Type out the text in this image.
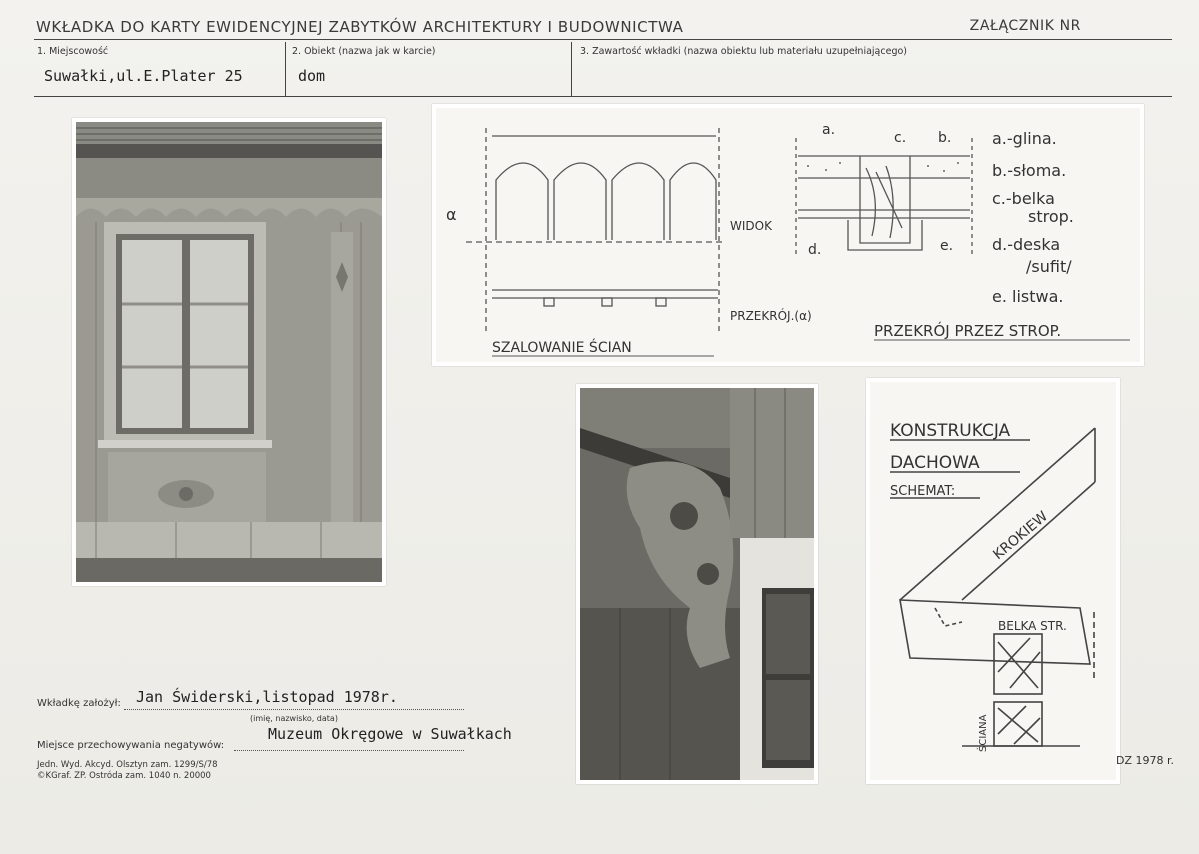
WKŁADKA DO KARTY EWIDENCYJNEJ ZABYTKÓW ARCHITEKTURY I BUDOWNICTWA	ZAŁĄCZNIK NR
1. Miejscowość
Suwałki,ul.E.Plater 25
2. Obiekt (nazwa jak w karcie)
dom
3. Zawartość wkładki (nazwa obiektu lub materiału uzupełniającego)
α
WIDOK
PRZEKRÓJ.(α)
SZALOWANIE ŚCIAN
a.	c. b.
d.	e.
a.-glina.
b.-słoma.
c.-belka
strop.
d.-deska
/sufit/
e. listwa.
PRZEKRÓJ PRZEZ STROP.
KONSTRUKCJA
DACHOWA
SCHEMAT:
KROKIEW
BELKA STR.
ŚCIANA
Wkładkę założył: Jan Świderski,listopad 1978r.
(imię, nazwisko, data)
Miejsce przechowywania negatywów:
Muzeum Okręgowe w Suwałkach
Jedn. Wyd. Akcyd. Olsztyn zam. 1299/S/78
©KGraf. ZP. Ostróda zam. 1040 n. 20000
DZ 1978 r.
